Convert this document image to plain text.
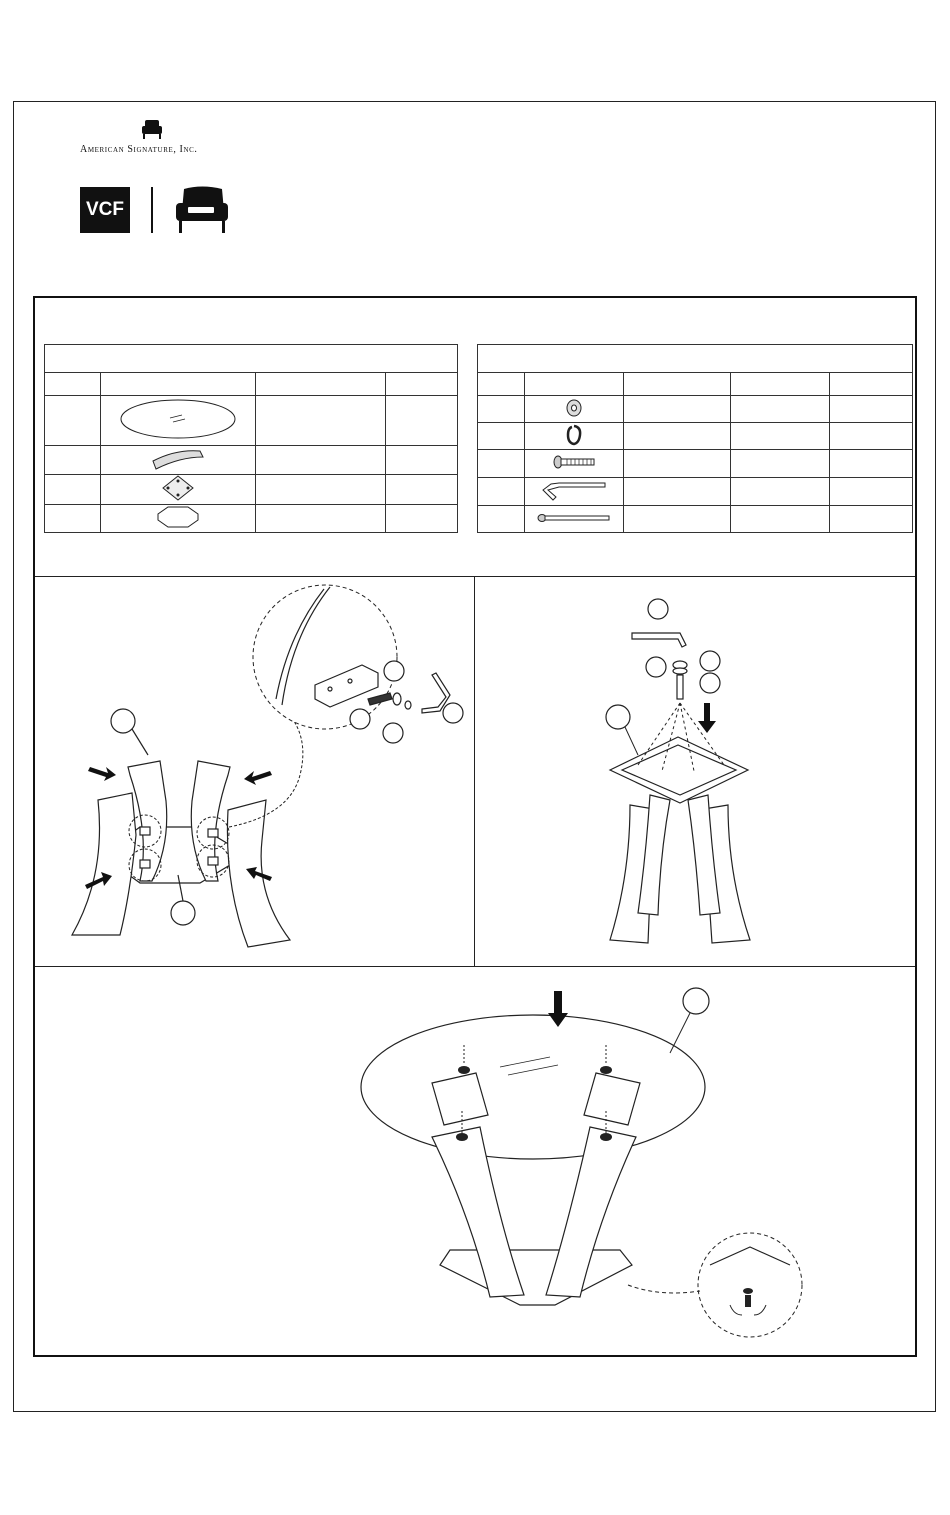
American Signature, Inc.
VCF
